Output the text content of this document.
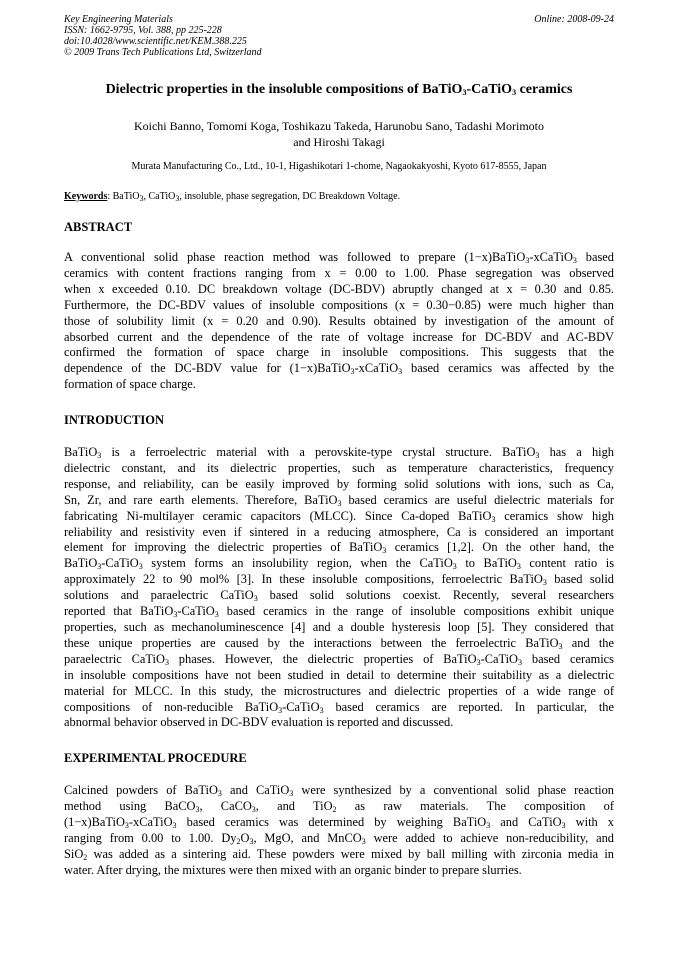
Key Engineering Materials
ISSN: 1662-9795, Vol. 388, pp 225-228
doi:10.4028/www.scientific.net/KEM.388.225
© 2009 Trans Tech Publications Ltd, Switzerland
Online: 2008-09-24
Dielectric properties in the insoluble compositions of BaTiO$_3$-CaTiO$_3$ ceramics
Koichi Banno, Tomomi Koga, Toshikazu Takeda, Harunobu Sano, Tadashi Morimoto
and Hiroshi Takagi
Murata Manufacturing Co., Ltd., 10-1, Higashikotari 1-chome, Nagaokakyoshi, Kyoto 617-8555, Japan
Keywords: BaTiO$_3$, CaTiO$_3$, insoluble, phase segregation, DC Breakdown Voltage.
ABSTRACT
A conventional solid phase reaction method was followed to prepare (1−x)BaTiO$_3$-xCaTiO$_3$ based
ceramics with content fractions ranging from x = 0.00 to 1.00. Phase segregation was observed
when x exceeded 0.10. DC breakdown voltage (DC-BDV) abruptly changed at x = 0.30 and 0.85.
Furthermore, the DC-BDV values of insoluble compositions (x = 0.30−0.85) were much higher than
those of solubility limit (x = 0.20 and 0.90). Results obtained by investigation of the amount of
absorbed current and the dependence of the rate of voltage increase for DC-BDV and AC-BDV
confirmed the formation of space charge in insoluble compositions. This suggests that the
dependence of the DC-BDV value for (1−x)BaTiO$_3$-xCaTiO$_3$ based ceramics was affected by the
formation of space charge.
INTRODUCTION
BaTiO$_3$ is a ferroelectric material with a perovskite-type crystal structure. BaTiO$_3$ has a high
dielectric constant, and its dielectric properties, such as temperature characteristics, frequency
response, and reliability, can be easily improved by forming solid solutions with ions, such as Ca,
Sn, Zr, and rare earth elements. Therefore, BaTiO$_3$ based ceramics are useful dielectric materials for
fabricating Ni-multilayer ceramic capacitors (MLCC). Since Ca-doped BaTiO$_3$ ceramics show high
reliability and resistivity even if sintered in a reducing atmosphere, Ca is considered an important
element for improving the dielectric properties of BaTiO$_3$ ceramics [1,2]. On the other hand, the
BaTiO$_3$-CaTiO$_3$ system forms an insolubility region, when the CaTiO$_3$ to BaTiO$_3$ content ratio is
approximately 22 to 90 mol% [3]. In these insoluble compositions, ferroelectric BaTiO$_3$ based solid
solutions and paraelectric CaTiO$_3$ based solid solutions coexist. Recently, several researchers
reported that BaTiO$_3$-CaTiO$_3$ based ceramics in the range of insoluble compositions exhibit unique
properties, such as mechanoluminescence [4] and a double hysteresis loop [5]. They considered that
these unique properties are caused by the interactions between the ferroelectric BaTiO$_3$ and the
paraelectric CaTiO$_3$ phases. However, the dielectric properties of BaTiO$_3$-CaTiO$_3$ based ceramics
in insoluble compositions have not been studied in detail to determine their suitability as a dielectric
material for MLCC. In this study, the microstructures and dielectric properties of a wide range of
compositions of non-reducible BaTiO$_3$-CaTiO$_3$ based ceramics are reported. In particular, the
abnormal behavior observed in DC-BDV evaluation is reported and discussed.
EXPERIMENTAL PROCEDURE
Calcined powders of BaTiO$_3$ and CaTiO$_3$ were synthesized by a conventional solid phase reaction
method using BaCO$_3$, CaCO$_3$, and TiO$_2$ as raw materials. The composition of
(1−x)BaTiO$_3$-xCaTiO$_3$ based ceramics was determined by weighing BaTiO$_3$ and CaTiO$_3$ with x
ranging from 0.00 to 1.00. $Dy_2O_3$, MgO, and MnCO$_3$ were added to achieve non-reducibility, and
SiO$_2$ was added as a sintering aid. These powders were mixed by ball milling with zirconia media in
water. After drying, the mixtures were then mixed with an organic binder to prepare slurries.
